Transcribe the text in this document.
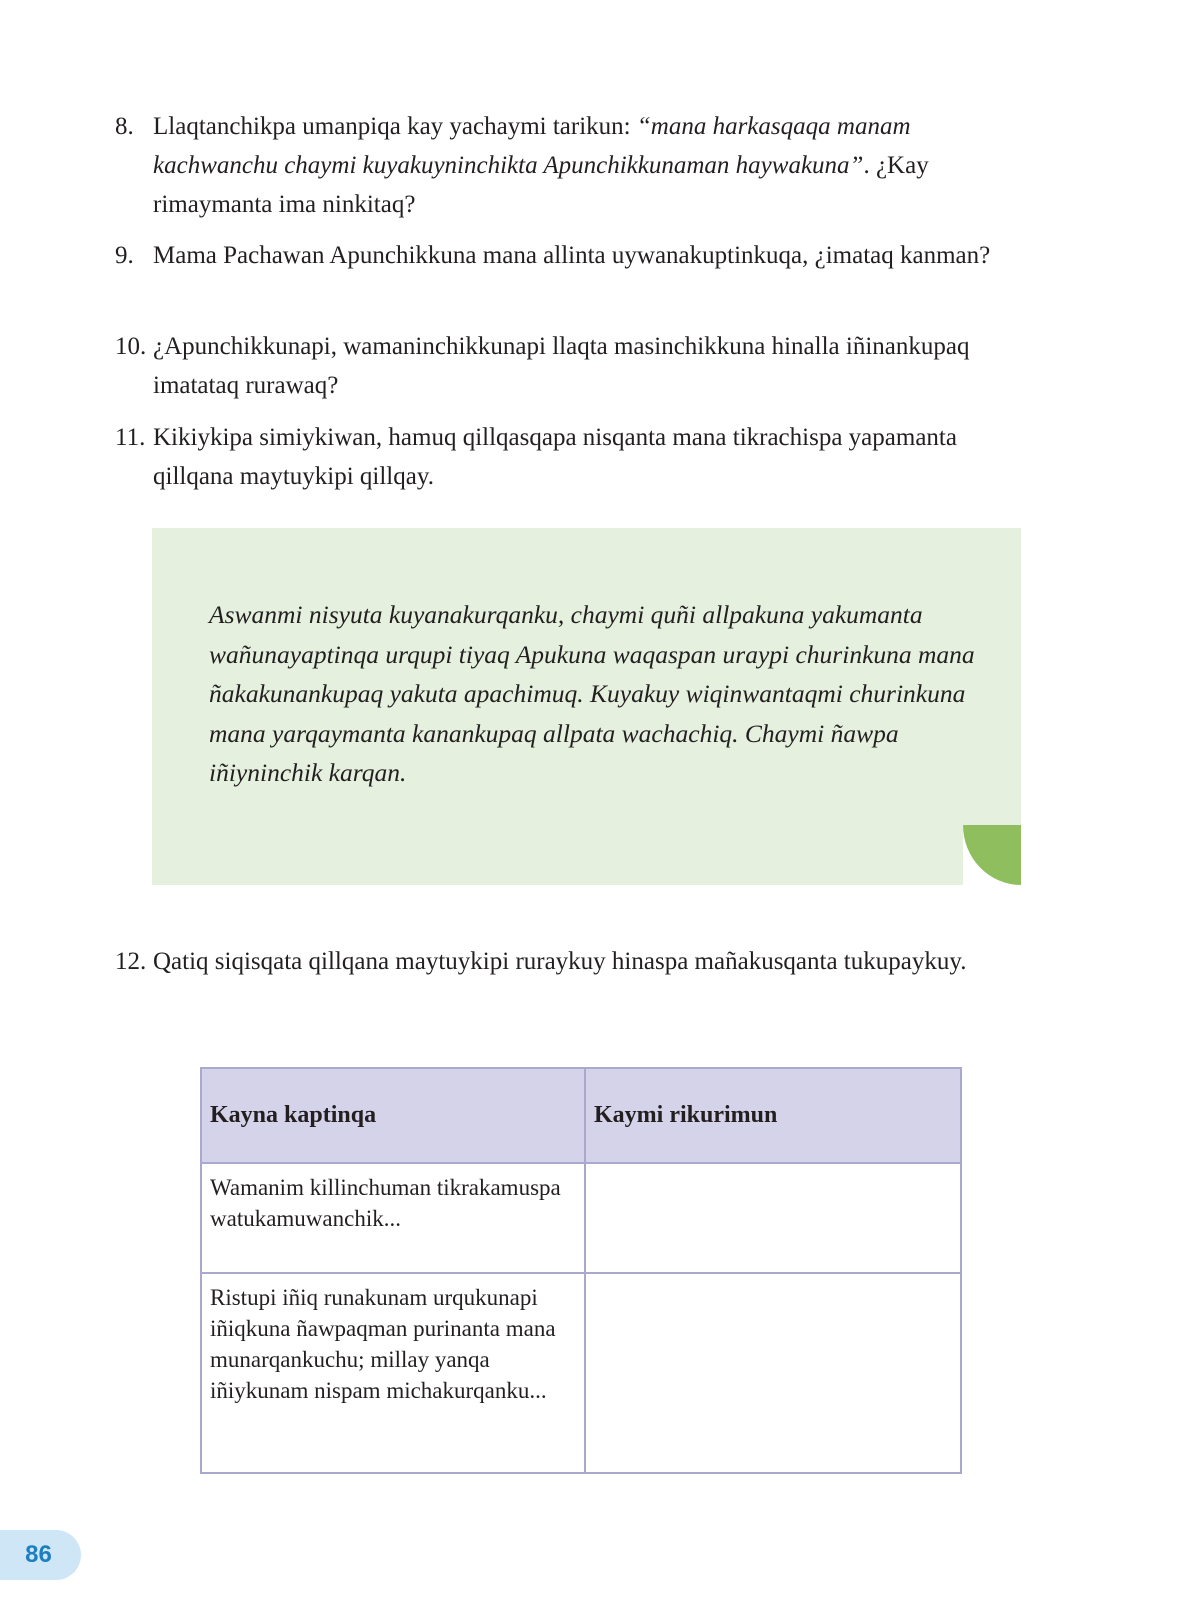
8. Llaqtanchikpa umanpiqa kay yachaymi tarikun: “mana harkasqaqa manam kachwanchu chaymi kuyakuyninchikta Apunchikkunaman haywakuna”. ¿Kay rimaymanta ima ninkitaq?
9. Mama Pachawan Apunchikkuna mana allinta uywanakuptinkuqa, ¿imataq kanman?
10. ¿Apunchikkunapi, wamaninchikkunapi llaqta masinchikkuna hinalla iñinankupaq imatataq rurawaq?
11. Kikiykipa simiykiwan, hamuq qillqasqapa nisqanta mana tikrachispa yapamanta qillqana maytuykipi qillqay.

Aswanmi nisyuta kuyanakurqanku, chaymi quñi allpakuna yakumanta wañunayaptinqa urqupi tiyaq Apukuna waqaspan uraypi churinkuna mana ñakakunankupaq yakuta apachimuq. Kuyakuy wiqinwantaqmi churinkuna mana yarqaymanta kanankupaq allpata wachachiq. Chaymi ñawpa iñiyninchik karqan.

12. Qatiq siqisqata qillqana maytuykipi ruraykuy hinaspa mañakusqanta tukupaykuy.
Kayna kaptinqa	Kaymi rikurimun
Wamanim killinchuman tikrakamuspa watukamuwanchik...	
Ristupi iñiq runakunam urqukunapi iñiqkuna ñawpaqman purinanta mana munarqankuchu; millay yanqa iñiykunam nispam michakurqanku...	
86
